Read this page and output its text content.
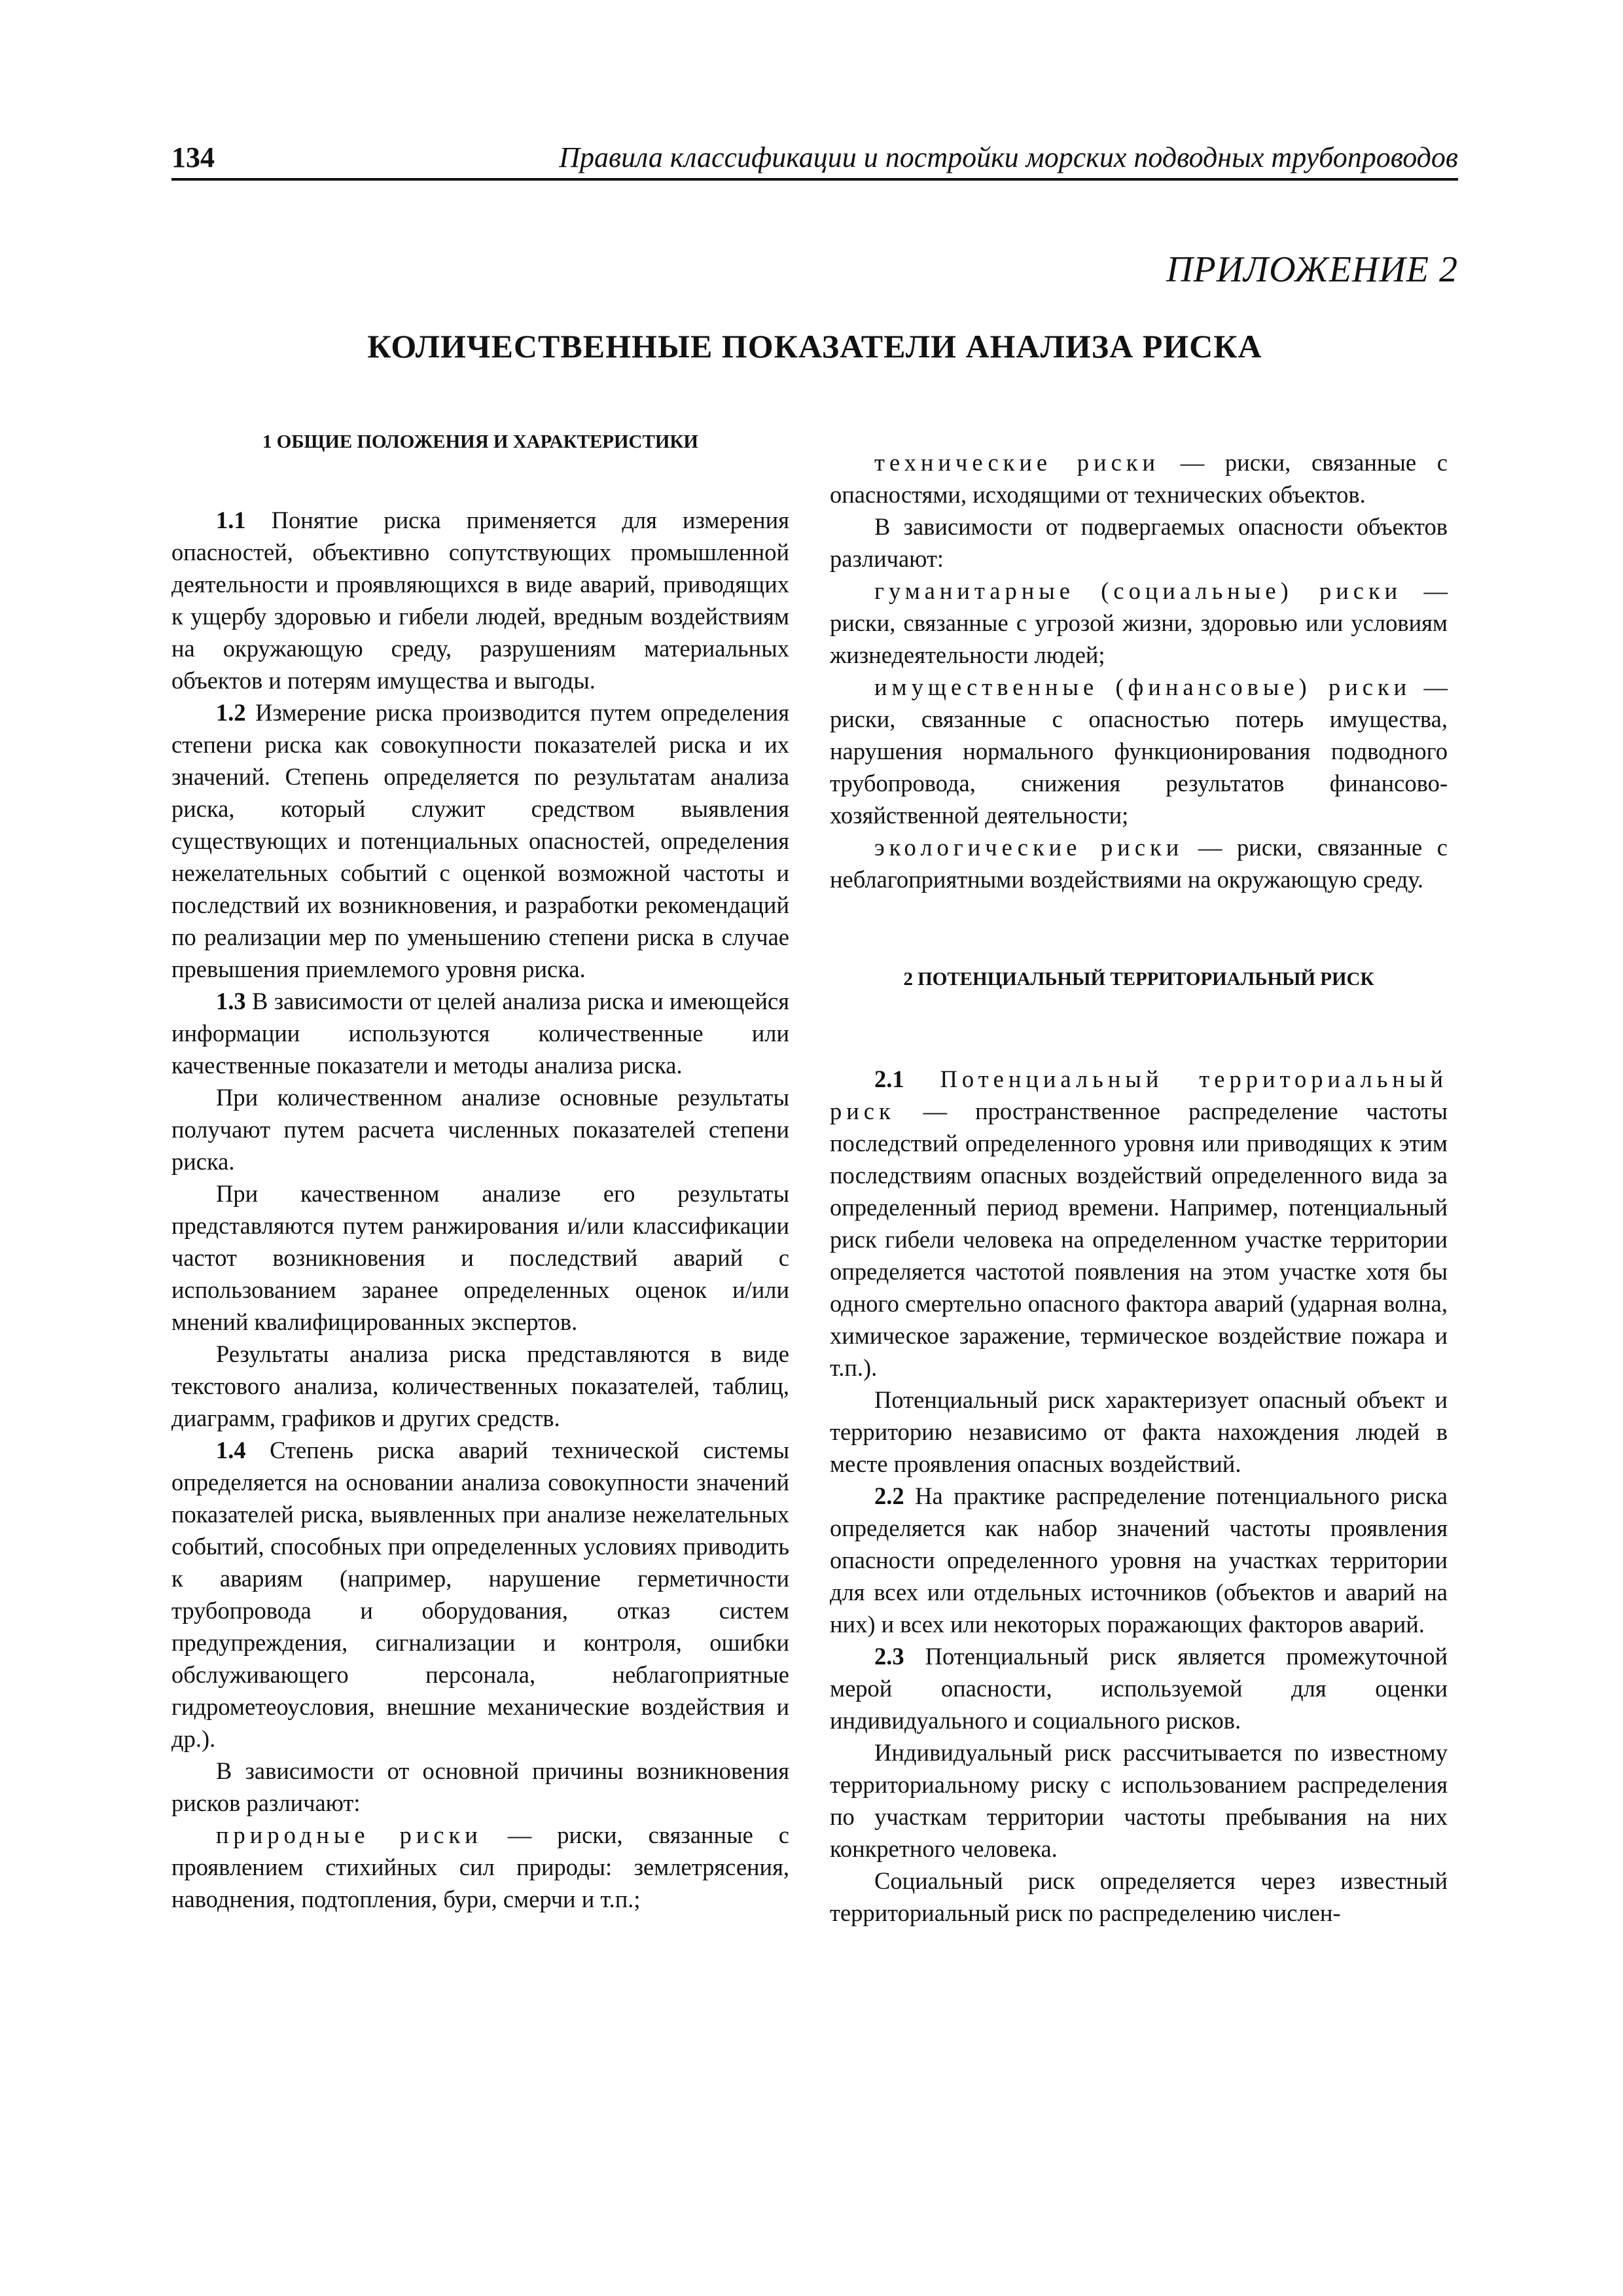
134	Правила классификации и постройки морских подводных трубопроводов
ПРИЛОЖЕНИЕ 2
КОЛИЧЕСТВЕННЫЕ ПОКАЗАТЕЛИ АНАЛИЗА РИСКА

1 ОБЩИЕ ПОЛОЖЕНИЯ И ХАРАКТЕРИСТИКИ

1.1 Понятие риска применяется для измерения опасностей, объективно сопутствующих промышленной деятельности и проявляющихся в виде аварий, приводящих к ущербу здоровью и гибели людей, вредным воздействиям на окружающую среду, разрушениям материальных объектов и потерям имущества и выгоды.

1.2 Измерение риска производится путем определения степени риска как совокупности показателей риска и их значений. Степень определяется по результатам анализа риска, который служит средством выявления существующих и потенциальных опасностей, определения нежелательных событий с оценкой возможной частоты и последствий их возникновения, и разработки рекомендаций по реализации мер по уменьшению степени риска в случае превышения приемлемого уровня риска.

1.3 В зависимости от целей анализа риска и имеющейся информации используются количественные или качественные показатели и методы анализа риска.

При количественном анализе основные результаты получают путем расчета численных показателей степени риска.

При качественном анализе его результаты представляются путем ранжирования и/или классификации частот возникновения и последствий аварий с использованием заранее определенных оценок и/или мнений квалифицированных экспертов.

Результаты анализа риска представляются в виде текстового анализа, количественных показателей, таблиц, диаграмм, графиков и других средств.

1.4 Степень риска аварий технической системы определяется на основании анализа совокупности значений показателей риска, выявленных при анализе нежелательных событий, способных при определенных условиях приводить к авариям (например, нарушение герметичности трубопровода и оборудования, отказ систем предупреждения, сигнализации и контроля, ошибки обслуживающего персонала, неблагоприятные гидрометеоусловия, внешние механические воздействия и др.).

В зависимости от основной причины возникновения рисков различают:

природные риски — риски, связанные с проявлением стихийных сил природы: землетрясения, наводнения, подтопления, бури, смерчи и т.п.;

технические риски — риски, связанные с опасностями, исходящими от технических объектов.

В зависимости от подвергаемых опасности объектов различают:

гуманитарные (социальные) риски — риски, связанные с угрозой жизни, здоровью или условиям жизнедеятельности людей;

имущественные (финансовые) риски — риски, связанные с опасностью потерь имущества, нарушения нормального функционирования подводного трубопровода, снижения результатов финансово-хозяйственной деятельности;

экологические риски — риски, связанные с неблагоприятными воздействиями на окружающую среду.

2 ПОТЕНЦИАЛЬНЫЙ ТЕРРИТОРИАЛЬНЫЙ РИСК

2.1 Потенциальный территориальный риск — пространственное распределение частоты последствий определенного уровня или приводящих к этим последствиям опасных воздействий определенного вида за определенный период времени. Например, потенциальный риск гибели человека на определенном участке территории определяется частотой появления на этом участке хотя бы одного смертельно опасного фактора аварий (ударная волна, химическое заражение, термическое воздействие пожара и т.п.).

Потенциальный риск характеризует опасный объект и территорию независимо от факта нахождения людей в месте проявления опасных воздействий.

2.2 На практике распределение потенциального риска определяется как набор значений частоты проявления опасности определенного уровня на участках территории для всех или отдельных источников (объектов и аварий на них) и всех или некоторых поражающих факторов аварий.

2.3 Потенциальный риск является промежуточной мерой опасности, используемой для оценки индивидуального и социального рисков.

Индивидуальный риск рассчитывается по известному территориальному риску с использованием распределения по участкам территории частоты пребывания на них конкретного человека.

Социальный риск определяется через известный территориальный риск по распределению числен-
